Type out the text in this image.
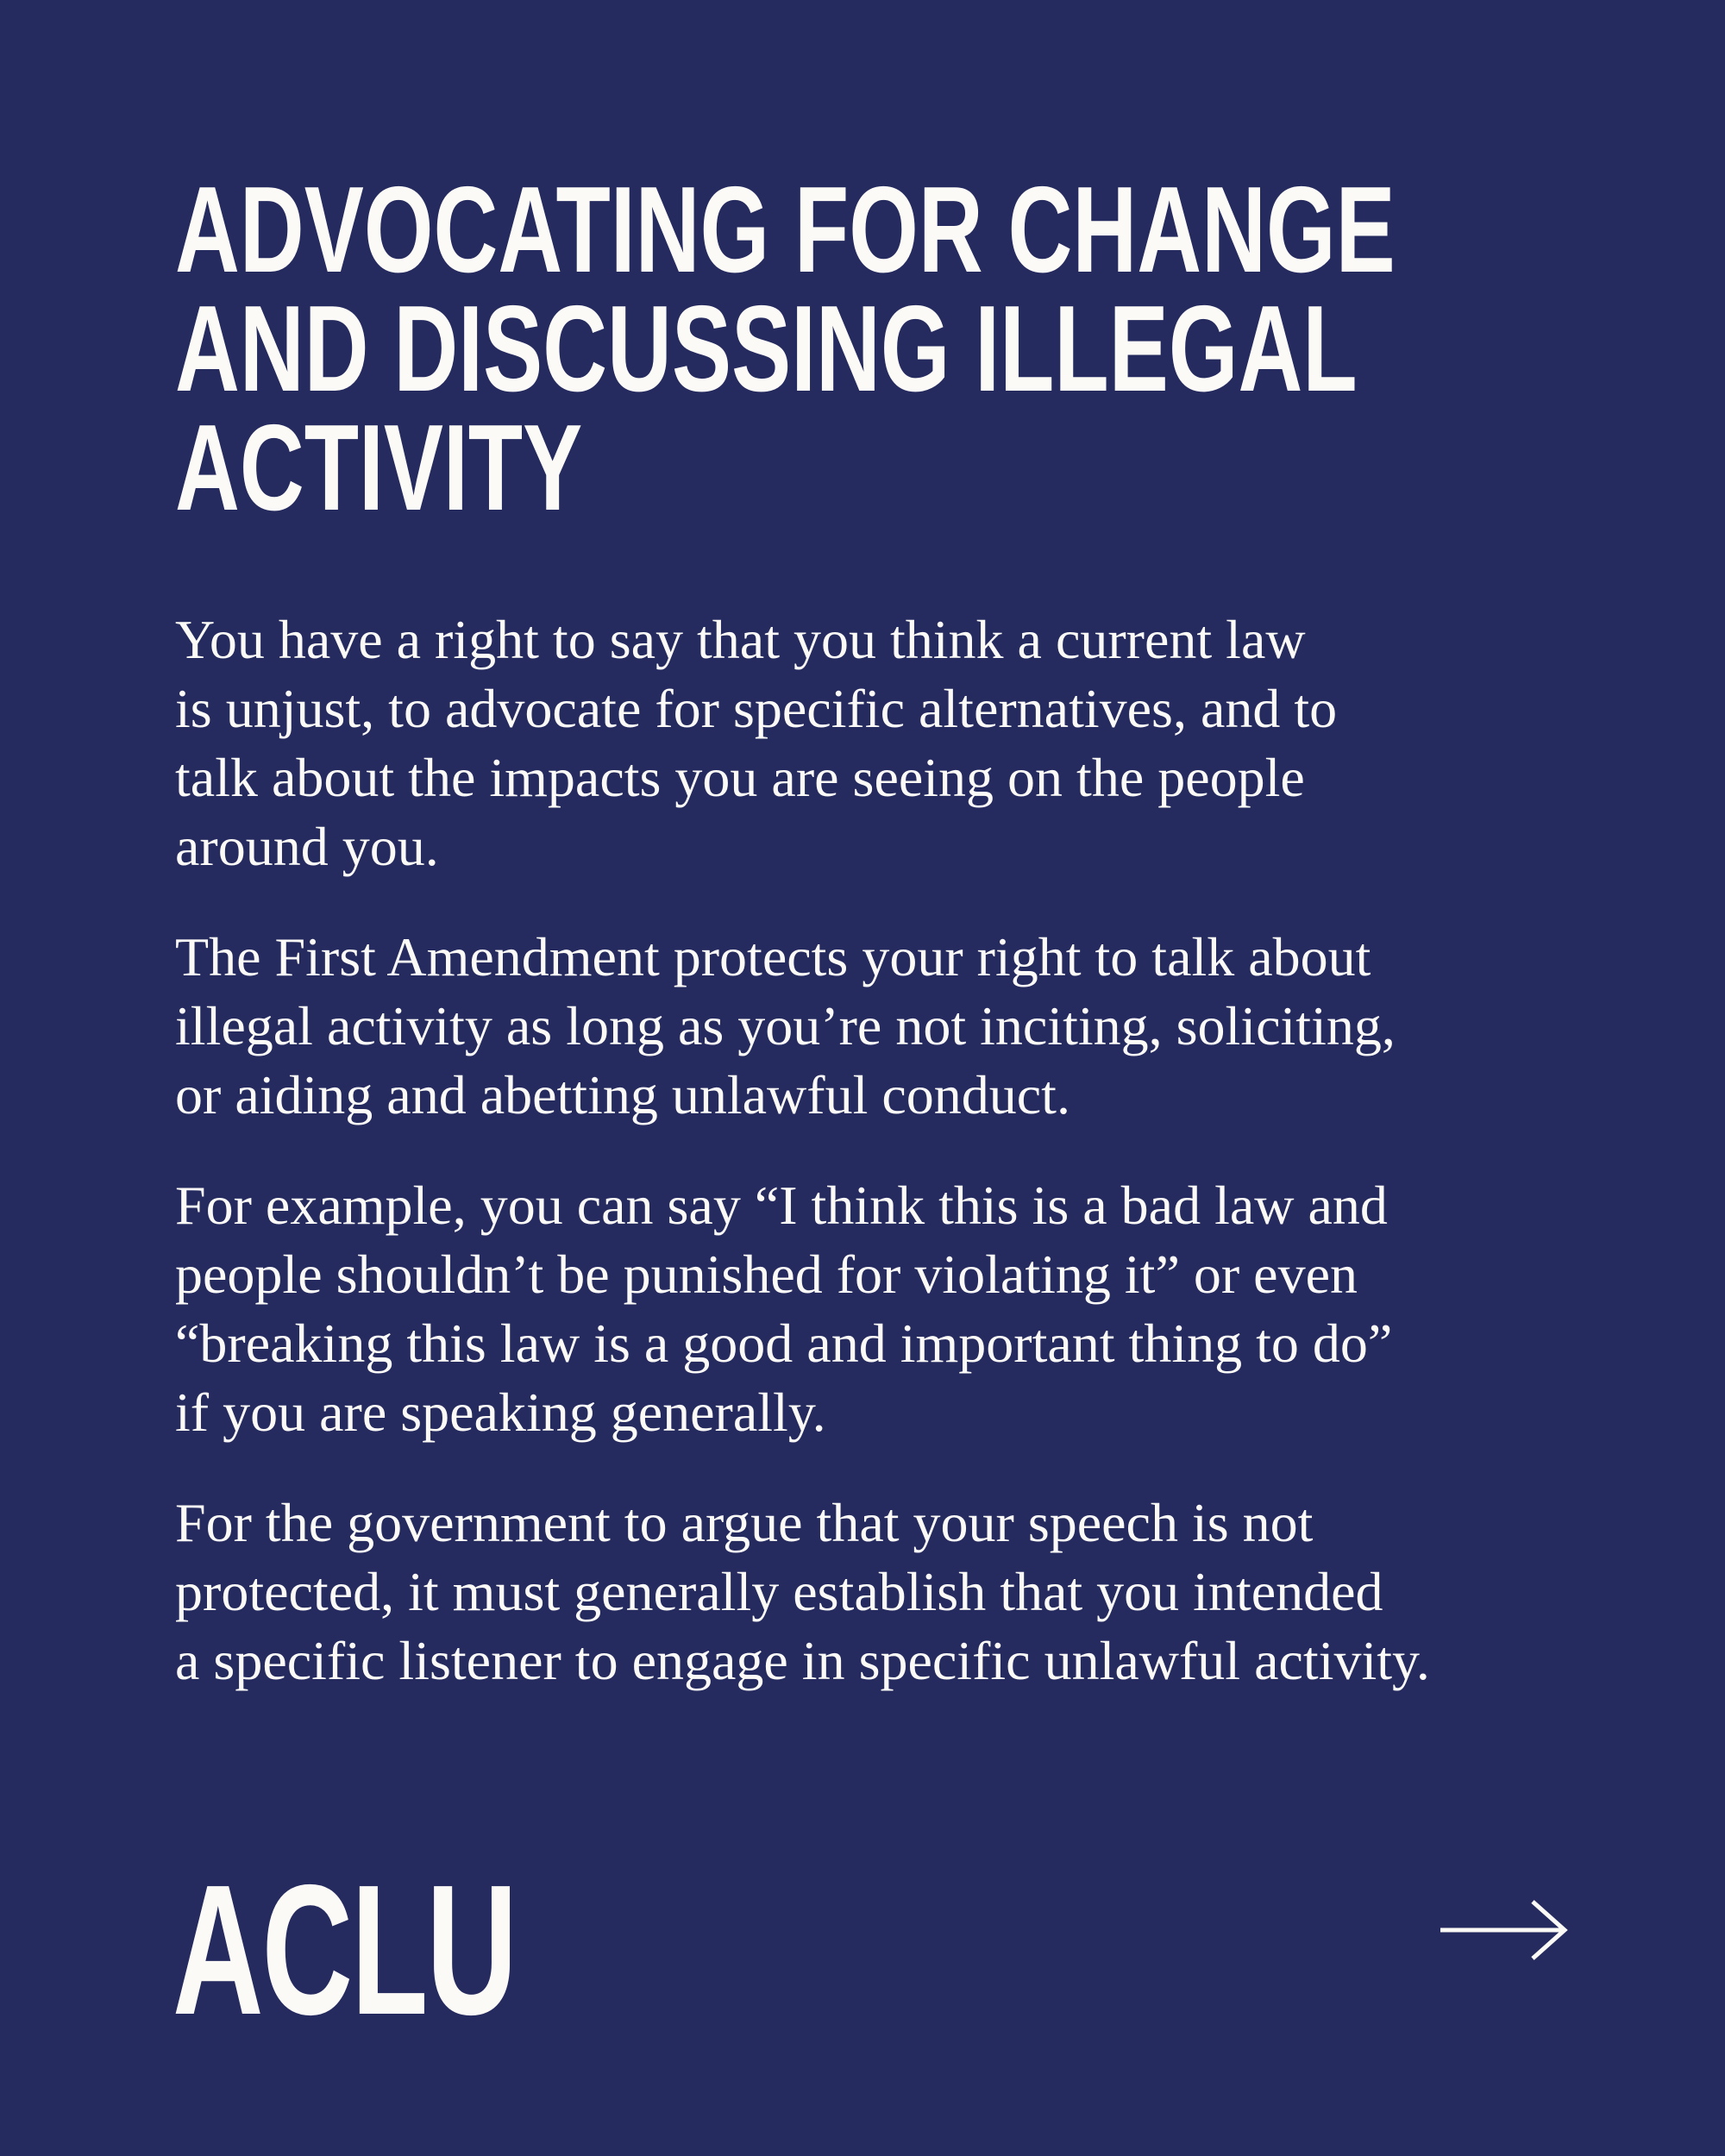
ADVOCATING FOR CHANGE
AND DISCUSSING ILLEGAL
ACTIVITY

You have a right to say that you think a current law
is unjust, to advocate for specific alternatives, and to
talk about the impacts you are seeing on the people
around you.

The First Amendment protects your right to talk about
illegal activity as long as you’re not inciting, soliciting,
or aiding and abetting unlawful conduct.

For example, you can say “I think this is a bad law and
people shouldn’t be punished for violating it” or even
“breaking this law is a good and important thing to do”
if you are speaking generally.

For the government to argue that your speech is not
protected, it must generally establish that you intended
a specific listener to engage in specific unlawful activity.

ACLU
